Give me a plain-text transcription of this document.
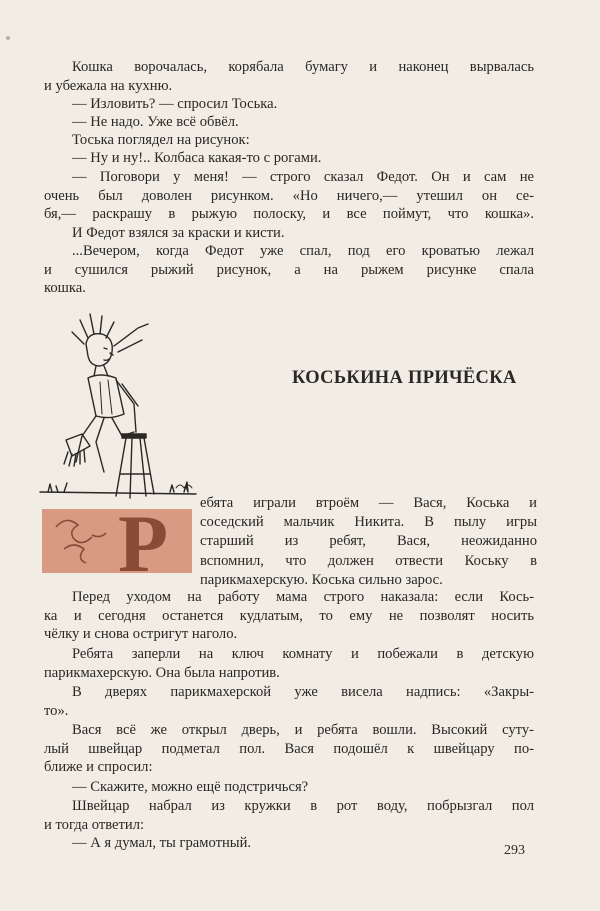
Кошка ворочалась, корябала бумагу и наконец вырвалась
и убежала на кухню.
— Изловить? — спросил Тоська.
— Не надо. Уже всё обвёл.
Тоська поглядел на рисунок:
— Ну и ну!.. Колбаса какая-то с рогами.
— Поговори у меня! — строго сказал Федот. Он и сам не
очень был доволен рисунком. «Но ничего,— утешил он се-
бя,— раскрашу в рыжую полоску, и все поймут, что кошка».
И Федот взялся за краски и кисти.
...Вечером, когда Федот уже спал, под его кроватью лежал
и сушился рыжий рисунок, а на рыжем рисунке спала
кошка.
КОСЬКИНА ПРИЧЁСКА
Р ебята играли втроём — Вася, Коська и
соседский мальчик Никита. В пылу игры
старший из ребят, Вася, неожиданно
вспомнил, что должен отвести Коську в
парикмахерскую. Коська сильно зарос.
Перед уходом на работу мама строго наказала: если Кось-
ка и сегодня останется кудлатым, то ему не позволят носить
чёлку и снова остригут наголо.
Ребята заперли на ключ комнату и побежали в детскую
парикмахерскую. Она была напротив.
В дверях парикмахерской уже висела надпись: «Закры-
то».
Вася всё же открыл дверь, и ребята вошли. Высокий суту-
лый швейцар подметал пол. Вася подошёл к швейцару по-
ближе и спросил:
— Скажите, можно ещё подстричься?
Швейцар набрал из кружки в рот воду, побрызгал пол
и тогда ответил:
— А я думал, ты грамотный.	293
